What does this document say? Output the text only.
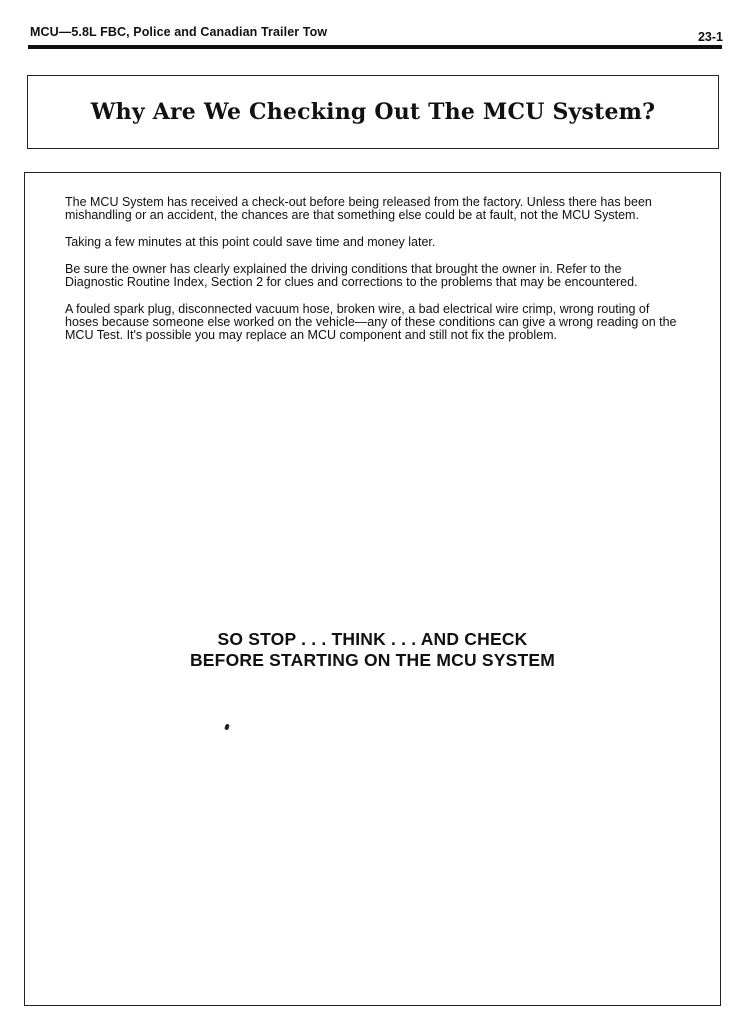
MCU—5.8L FBC, Police and Canadian Trailer Tow	23-1
Why Are We Checking Out The MCU System?

The MCU System has received a check-out before being released from the factory. Unless there has been mishandling or an accident, the chances are that something else could be at fault, not the MCU System.

Taking a few minutes at this point could save time and money later.

Be sure the owner has clearly explained the driving conditions that brought the owner in. Refer to the Diagnostic Routine Index, Section 2 for clues and corrections to the problems that may be encountered.

A fouled spark plug, disconnected vacuum hose, broken wire, a bad electrical wire crimp, wrong routing of hoses because someone else worked on the vehicle—any of these conditions can give a wrong reading on the MCU Test. It's possible you may replace an MCU component and still not fix the problem.

SO STOP . . . THINK . . . AND CHECK
BEFORE STARTING ON THE MCU SYSTEM
